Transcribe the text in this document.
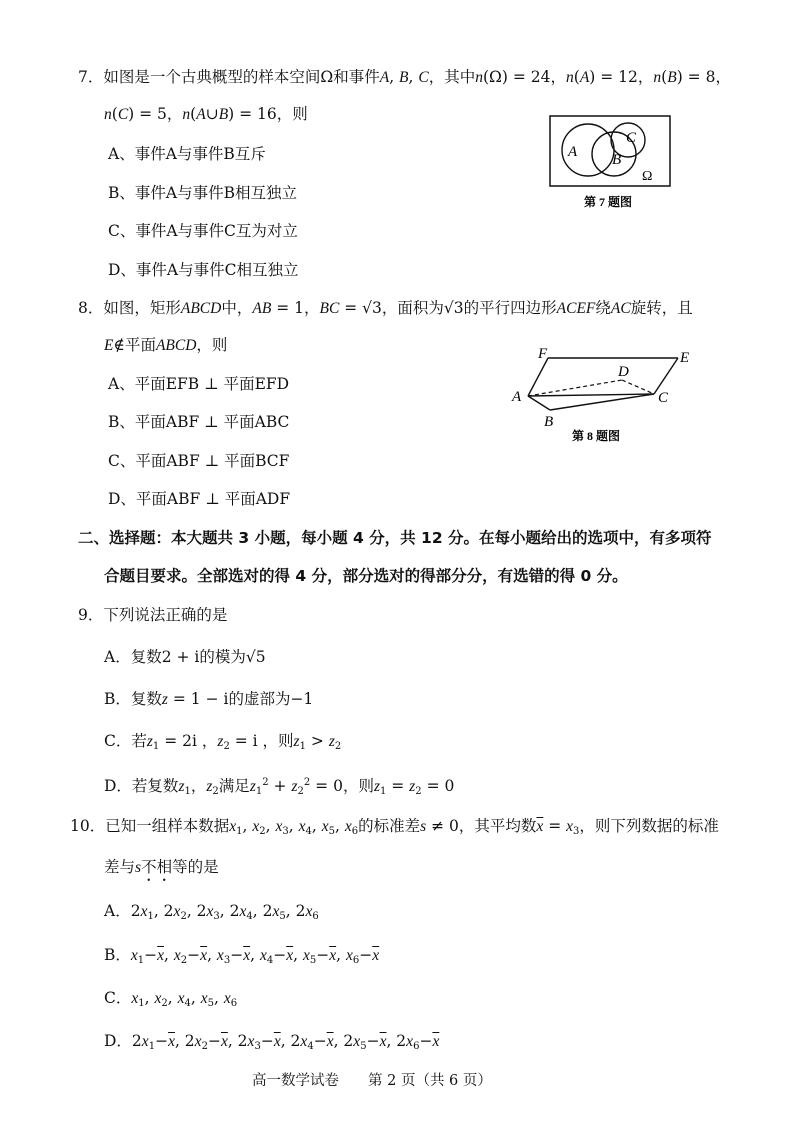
7．如图是一个古典概型的样本空间Ω和事件A, B, C，其中n(Ω) = 24，n(A) = 12，n(B) = 8，
n(C) = 5，n(A∪B) = 16，则
A、事件A与事件B互斥
B、事件A与事件B相互独立
C、事件A与事件C互为对立
D、事件A与事件C相互独立
A B
C
Ω
第 7 题图
8．如图，矩形ABCD中，AB = 1，BC = √3，面积为√3的平行四边形ACEF绕AC旋转，且
E∉平面ABCD，则
A、平面EFB ⊥ 平面EFD
B、平面ABF ⊥ 平面ABC
C、平面ABF ⊥ 平面BCF
D、平面ABF ⊥ 平面ADF
A
B
C
D
E
F
第 8 题图
二、选择题：本大题共 3 小题，每小题 4 分，共 12 分。在每小题给出的选项中，有多项符
合题目要求。全部选对的得 4 分，部分选对的得部分分，有选错的得 0 分。
9．下列说法正确的是
A．复数2 + i的模为√5
B．复数z = 1 − i的虚部为−1
C．若$z_1 = 2i$ ，$z_2 = i$ ，则$z_1 > z_2$
D．若复数$z_1$，$z_2$满足$z_1^2 + z_2^2 = 0$，则$z_1 = z_2 = 0$
10．已知一组样本数据$x_1$, $x_2$, $x_3$, $x_4$, $x_5$, $x_6$的标准差s ≠ 0，其平均数$\overline{x} = x_3$，则下列数据的标准
差与s不相等的是
A．$2x_1$, $2x_2$, $2x_3$, $2x_4$, $2x_5$, $2x_6$
B．$x_1-\overline{x}$, $x_2-\overline{x}$, $x_3-\overline{x}$, $x_4-\overline{x}$, $x_5-\overline{x}$, $x_6-\overline{x}$
C．$x_1$, $x_2$, $x_4$, $x_5$, $x_6$
D．$2x_1-\overline{x}$, $2x_2-\overline{x}$, $2x_3-\overline{x}$, $2x_4-\overline{x}$, $2x_5-\overline{x}$, $2x_6-\overline{x}$
高一数学试卷　　第 2 页（共 6 页）
